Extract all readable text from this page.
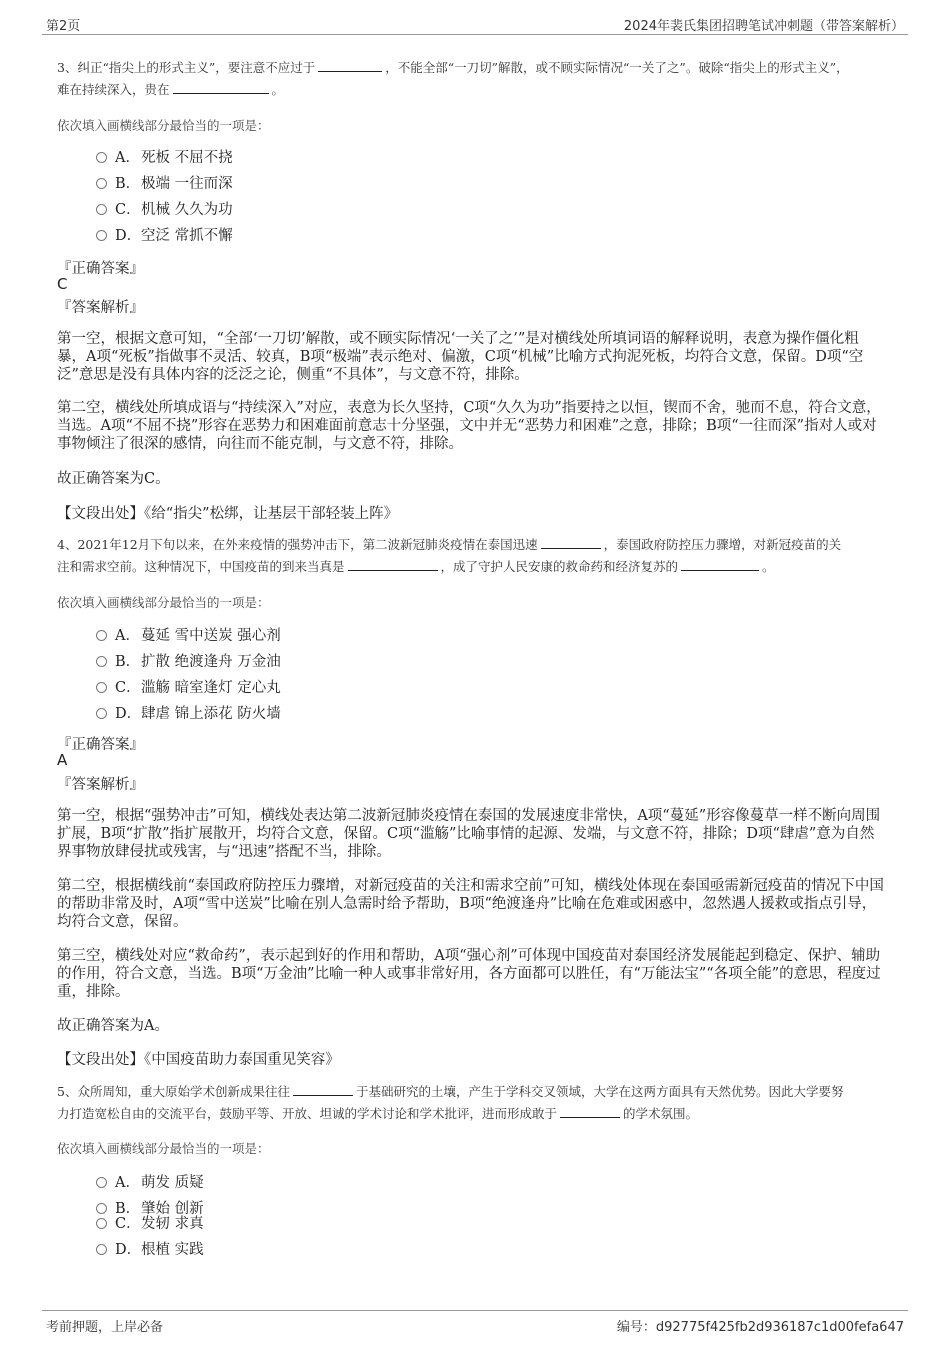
第2页	2024年裴氏集团招聘笔试冲刺题（带答案解析）
3、纠正“指尖上的形式主义”，要注意不应过于	，不能全部“一刀切”解散，或不顾实际情况“一关了之”。破除“指尖上的形式主义”，
难在持续深入，贵在	。
依次填入画横线部分最恰当的一项是：
A．死板 不屈不挠
B．极端 一往而深
C．机械 久久为功
D．空泛 常抓不懈
『正确答案』
C
『答案解析』
第一空，根据文意可知，“全部‘一刀切’解散，或不顾实际情况‘一关了之’”是对横线处所填词语的解释说明，表意为操作僵化粗暴，A项“死板”指做事不灵活、较真，B项“极端”表示绝对、偏激，C项“机械”比喻方式拘泥死板，均符合文意，保留。D项“空泛”意思是没有具体内容的泛泛之论，侧重“不具体”，与文意不符，排除。
第二空，横线处所填成语与“持续深入”对应，表意为长久坚持，C项“久久为功”指要持之以恒，锲而不舍，驰而不息，符合文意，当选。A项“不屈不挠”形容在恶势力和困难面前意志十分坚强，文中并无“恶势力和困难”之意，排除；B项“一往而深”指对人或对事物倾注了很深的感情，向往而不能克制，与文意不符，排除。
故正确答案为C。
【文段出处】《给“指尖”松绑，让基层干部轻装上阵》
4、2021年12月下旬以来，在外来疫情的强势冲击下，第二波新冠肺炎疫情在泰国迅速	，泰国政府防控压力骤增，对新冠疫苗的关
注和需求空前。这种情况下，中国疫苗的到来当真是	，成了守护人民安康的救命药和经济复苏的	。
依次填入画横线部分最恰当的一项是：
A．蔓延 雪中送炭 强心剂
B．扩散 绝渡逢舟 万金油
C．滥觞 暗室逢灯 定心丸
D．肆虐 锦上添花 防火墙
『正确答案』
A
『答案解析』
第一空，根据“强势冲击”可知，横线处表达第二波新冠肺炎疫情在泰国的发展速度非常快，A项“蔓延”形容像蔓草一样不断向周围扩展，B项“扩散”指扩展散开，均符合文意，保留。C项“滥觞”比喻事情的起源、发端，与文意不符，排除；D项“肆虐”意为自然界事物放肆侵扰或残害，与“迅速”搭配不当，排除。
第二空，根据横线前“泰国政府防控压力骤增，对新冠疫苗的关注和需求空前”可知，横线处体现在泰国亟需新冠疫苗的情况下中国的帮助非常及时，A项“雪中送炭”比喻在别人急需时给予帮助，B项“绝渡逢舟”比喻在危难或困惑中，忽然遇人援救或指点引导，均符合文意，保留。
第三空，横线处对应“救命药”，表示起到好的作用和帮助，A项“强心剂”可体现中国疫苗对泰国经济发展能起到稳定、保护、辅助的作用，符合文意，当选。B项“万金油”比喻一种人或事非常好用，各方面都可以胜任，有“万能法宝”“各项全能”的意思，程度过重，排除。
故正确答案为A。
【文段出处】《中国疫苗助力泰国重见笑容》
5、众所周知，重大原始学术创新成果往往	于基础研究的土壤，产生于学科交叉领域，大学在这两方面具有天然优势。因此大学要努
力打造宽松自由的交流平台，鼓励平等、开放、坦诚的学术讨论和学术批评，进而形成敢于	的学术氛围。
依次填入画横线部分最恰当的一项是：
A．萌发 质疑
B．肇始 创新
C．发轫 求真
D．根植 实践
考前押题，上岸必备	编号：d92775f425fb2d936187c1d00fefa647
